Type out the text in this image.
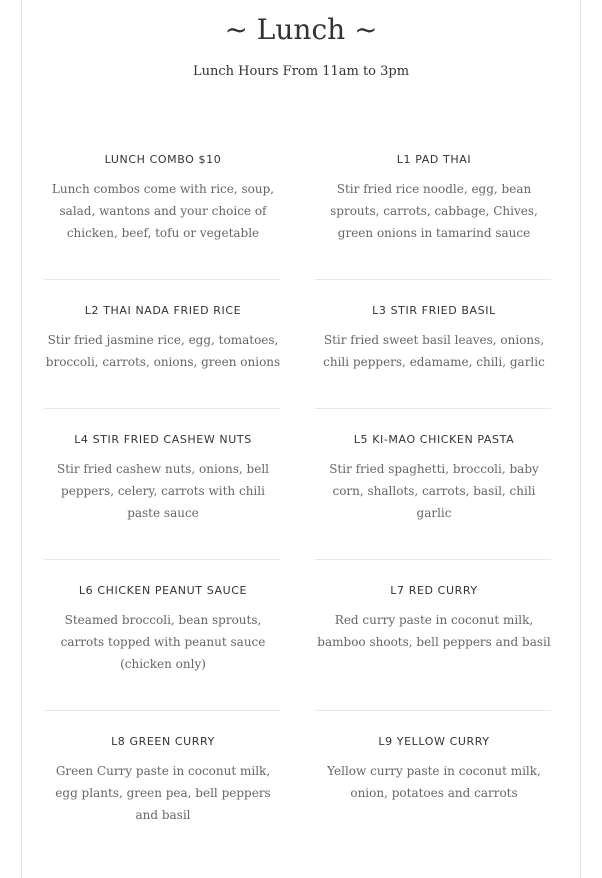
~ Lunch ~
Lunch Hours From 11am to 3pm
LUNCH COMBO $10
Lunch combos come with rice, soup, salad, wantons and your choice of chicken, beef, tofu or vegetable
L1 PAD THAI
Stir fried rice noodle, egg, bean sprouts, carrots, cabbage, Chives, green onions in tamarind sauce
L2 THAI NADA FRIED RICE
Stir fried jasmine rice, egg, tomatoes, broccoli, carrots, onions, green onions
L3 STIR FRIED BASIL
Stir fried sweet basil leaves, onions, chili peppers, edamame, chili, garlic
L4 STIR FRIED CASHEW NUTS
Stir fried cashew nuts, onions, bell peppers, celery, carrots with chili paste sauce
L5 KI-MAO CHICKEN PASTA
Stir fried spaghetti, broccoli, baby corn, shallots, carrots, basil, chili garlic
L6 CHICKEN PEANUT SAUCE
Steamed broccoli, bean sprouts, carrots topped with peanut sauce (chicken only)
L7 RED CURRY
Red curry paste in coconut milk, bamboo shoots, bell peppers and basil
L8 GREEN CURRY
Green Curry paste in coconut milk, egg plants, green pea, bell peppers and basil
L9 YELLOW CURRY
Yellow curry paste in coconut milk, onion, potatoes and carrots
